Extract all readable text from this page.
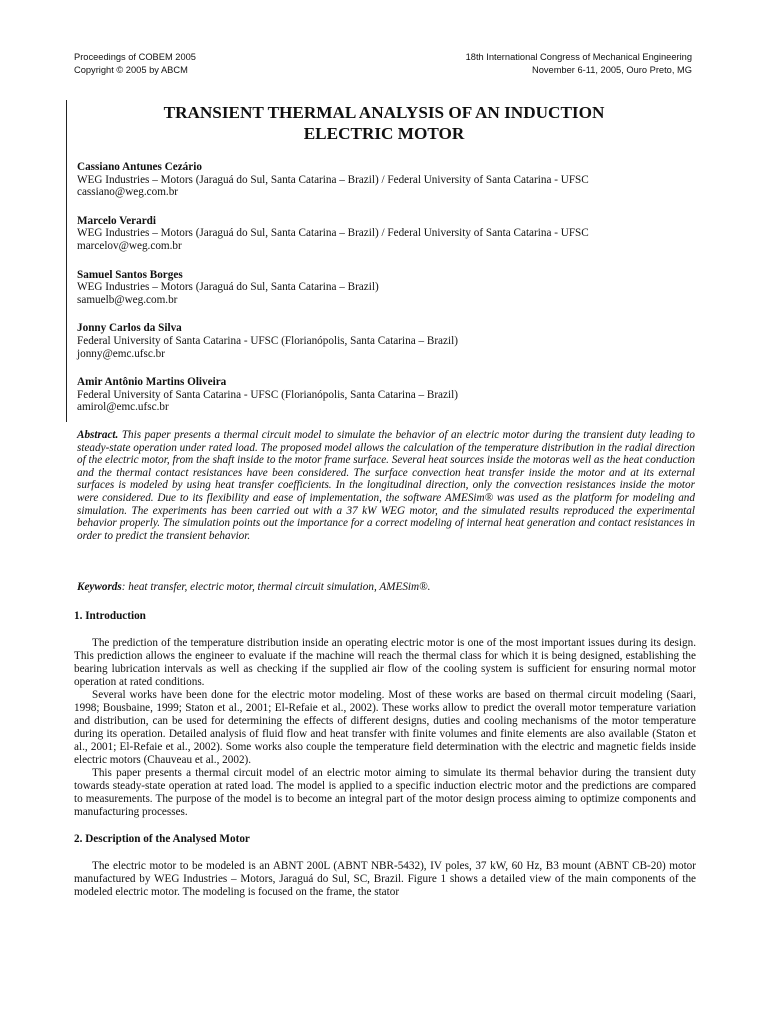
Proceedings of COBEM 2005
Copyright © 2005 by ABCM
18th International Congress of Mechanical Engineering
November 6-11, 2005, Ouro Preto, MG
TRANSIENT THERMAL ANALYSIS OF AN INDUCTION
ELECTRIC MOTOR
Cassiano Antunes Cezário
WEG Industries – Motors (Jaraguá do Sul, Santa Catarina – Brazil) / Federal University of Santa Catarina - UFSC
cassiano@weg.com.br
Marcelo Verardi
WEG Industries – Motors (Jaraguá do Sul, Santa Catarina – Brazil) / Federal University of Santa Catarina - UFSC
marcelov@weg.com.br
Samuel Santos Borges
WEG Industries – Motors (Jaraguá do Sul, Santa Catarina – Brazil)
samuelb@weg.com.br
Jonny Carlos da Silva
Federal University of Santa Catarina - UFSC (Florianópolis, Santa Catarina – Brazil)
jonny@emc.ufsc.br
Amir Antônio Martins Oliveira
Federal University of Santa Catarina - UFSC (Florianópolis, Santa Catarina – Brazil)
amirol@emc.ufsc.br
Abstract. This paper presents a thermal circuit model to simulate the behavior of an electric motor during the transient duty leading to steady-state operation under rated load. The proposed model allows the calculation of the temperature distribution in the radial direction of the electric motor, from the shaft inside to the motor frame surface. Several heat sources inside the motoras well as the heat conduction and the thermal contact resistances have been considered. The surface convection heat transfer inside the motor and at its external surfaces is modeled by using heat transfer coefficients. In the longitudinal direction, only the convection resistances inside the motor were considered. Due to its flexibility and ease of implementation, the software AMESim® was used as the platform for modeling and simulation. The experiments has been carried out with a 37 kW WEG motor, and the simulated results reproduced the experimental behavior properly. The simulation points out the importance for a correct modeling of internal heat generation and contact resistances in order to predict the transient behavior.
Keywords: heat transfer, electric motor, thermal circuit simulation, AMESim®.
1. Introduction

The prediction of the temperature distribution inside an operating electric motor is one of the most important issues during its design. This prediction allows the engineer to evaluate if the machine will reach the thermal class for which it is being designed, establishing the bearing lubrication intervals as well as checking if the supplied air flow of the cooling system is sufficient for ensuring normal motor operation at rated conditions.

Several works have been done for the electric motor modeling. Most of these works are based on thermal circuit modeling (Saari, 1998; Bousbaine, 1999; Staton et al., 2001; El-Refaie et al., 2002). These works allow to predict the overall motor temperature variation and distribution, can be used for determining the effects of different designs, duties and cooling mechanisms of the motor temperature during its operation. Detailed analysis of fluid flow and heat transfer with finite volumes and finite elements are also available (Staton et al., 2001; El-Refaie et al., 2002). Some works also couple the temperature field determination with the electric and magnetic fields inside electric motors (Chauveau et al., 2002).

This paper presents a thermal circuit model of an electric motor aiming to simulate its thermal behavior during the transient duty towards steady-state operation at rated load. The model is applied to a specific induction electric motor and the predictions are compared to measurements. The purpose of the model is to become an integral part of the motor design process aiming to optimize components and manufacturing processes.

2. Description of the Analysed Motor

The electric motor to be modeled is an ABNT 200L (ABNT NBR-5432), IV poles, 37 kW, 60 Hz, B3 mount (ABNT CB-20) motor manufactured by WEG Industries – Motors, Jaraguá do Sul, SC, Brazil. Figure 1 shows a detailed view of the main components of the modeled electric motor. The modeling is focused on the frame, the stator
